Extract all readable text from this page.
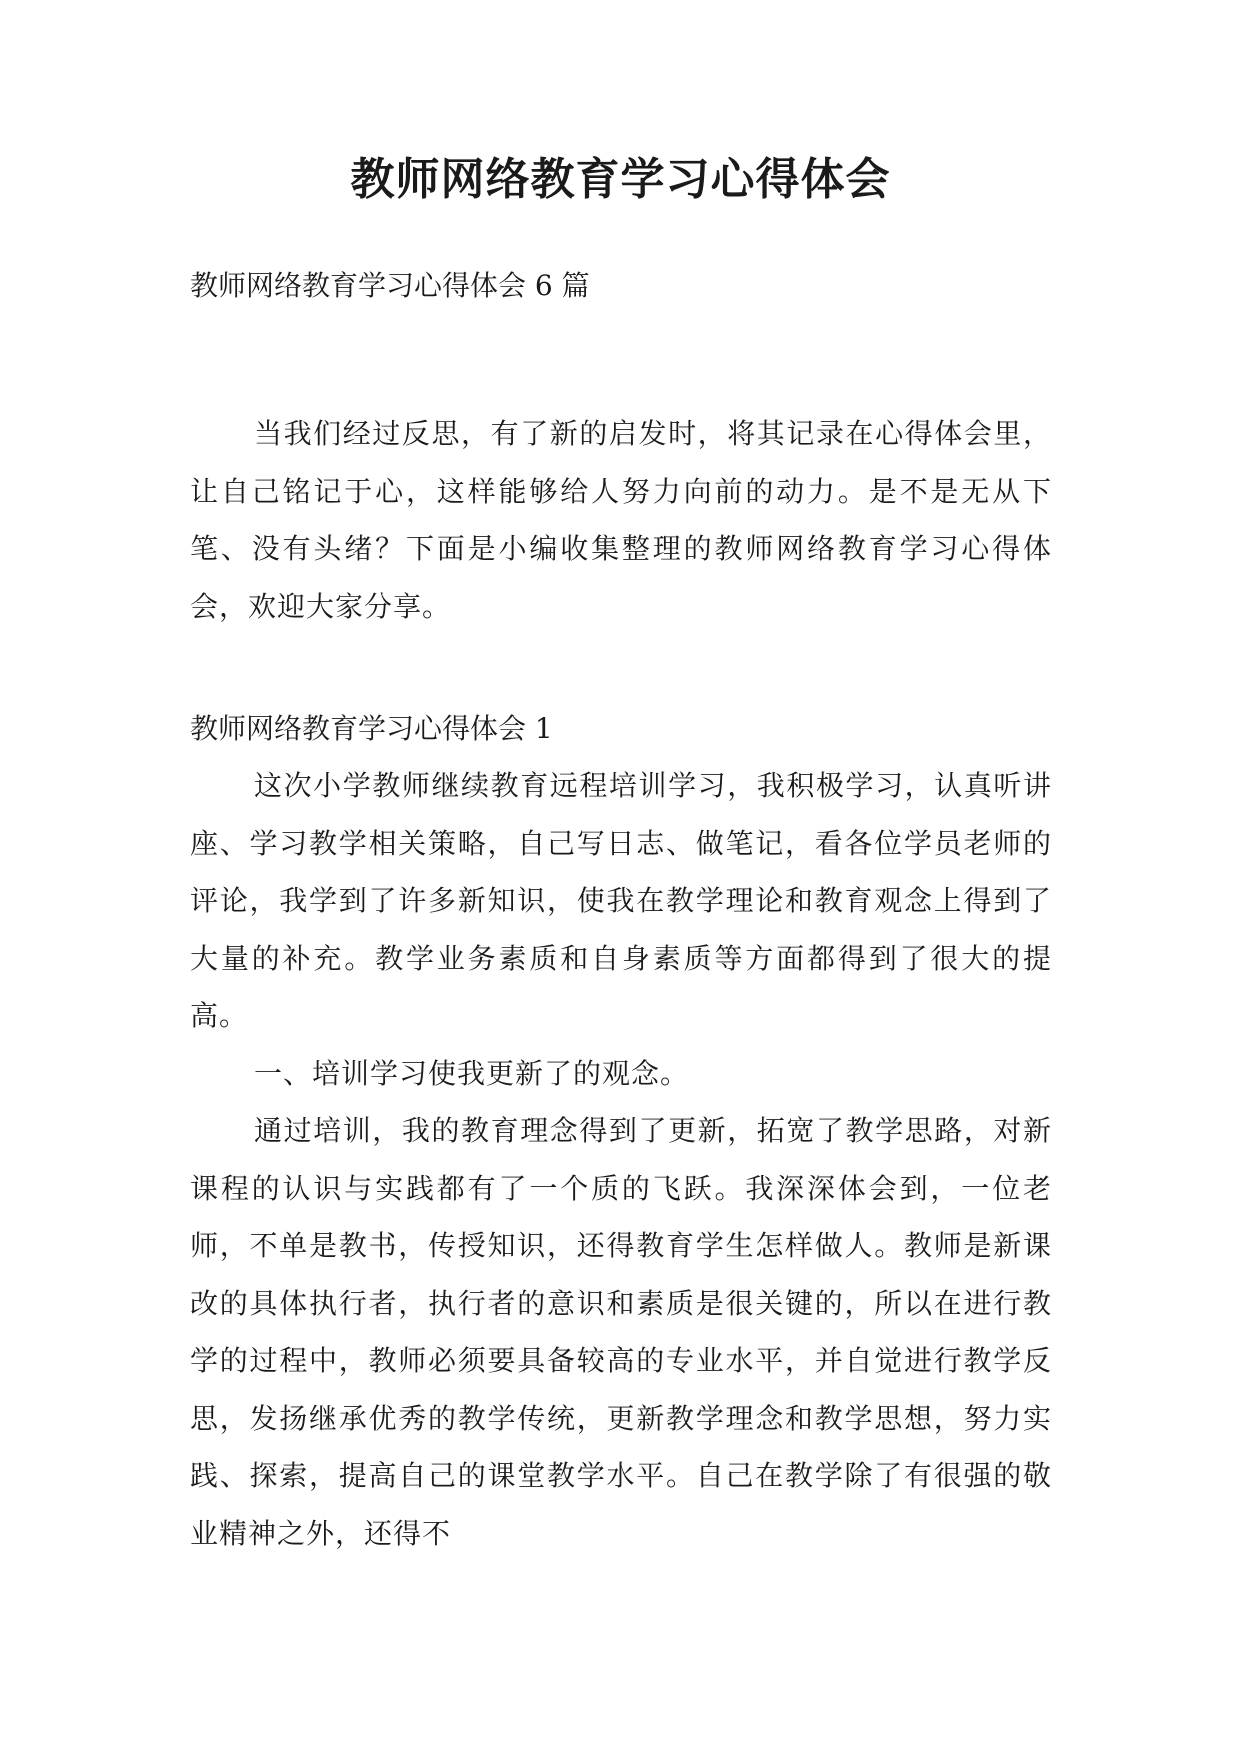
教师网络教育学习心得体会

教师网络教育学习心得体会 6 篇

当我们经过反思，有了新的启发时，将其记录在心得体会里，让自己铭记于心，这样能够给人努力向前的动力。是不是无从下笔、没有头绪？下面是小编收集整理的教师网络教育学习心得体会，欢迎大家分享。

教师网络教育学习心得体会 1

这次小学教师继续教育远程培训学习，我积极学习，认真听讲座、学习教学相关策略，自己写日志、做笔记，看各位学员老师的评论，我学到了许多新知识，使我在教学理论和教育观念上得到了大量的补充。教学业务素质和自身素质等方面都得到了很大的提高。

一、培训学习使我更新了的观念。

通过培训，我的教育理念得到了更新，拓宽了教学思路，对新课程的认识与实践都有了一个质的飞跃。我深深体会到，一位老师，不单是教书，传授知识，还得教育学生怎样做人。教师是新课改的具体执行者，执行者的意识和素质是很关键的，所以在进行教学的过程中，教师必须要具备较高的专业水平，并自觉进行教学反思，发扬继承优秀的教学传统，更新教学理念和教学思想，努力实践、探索，提高自己的课堂教学水平。自己在教学除了有很强的敬业精神之外，还得不
